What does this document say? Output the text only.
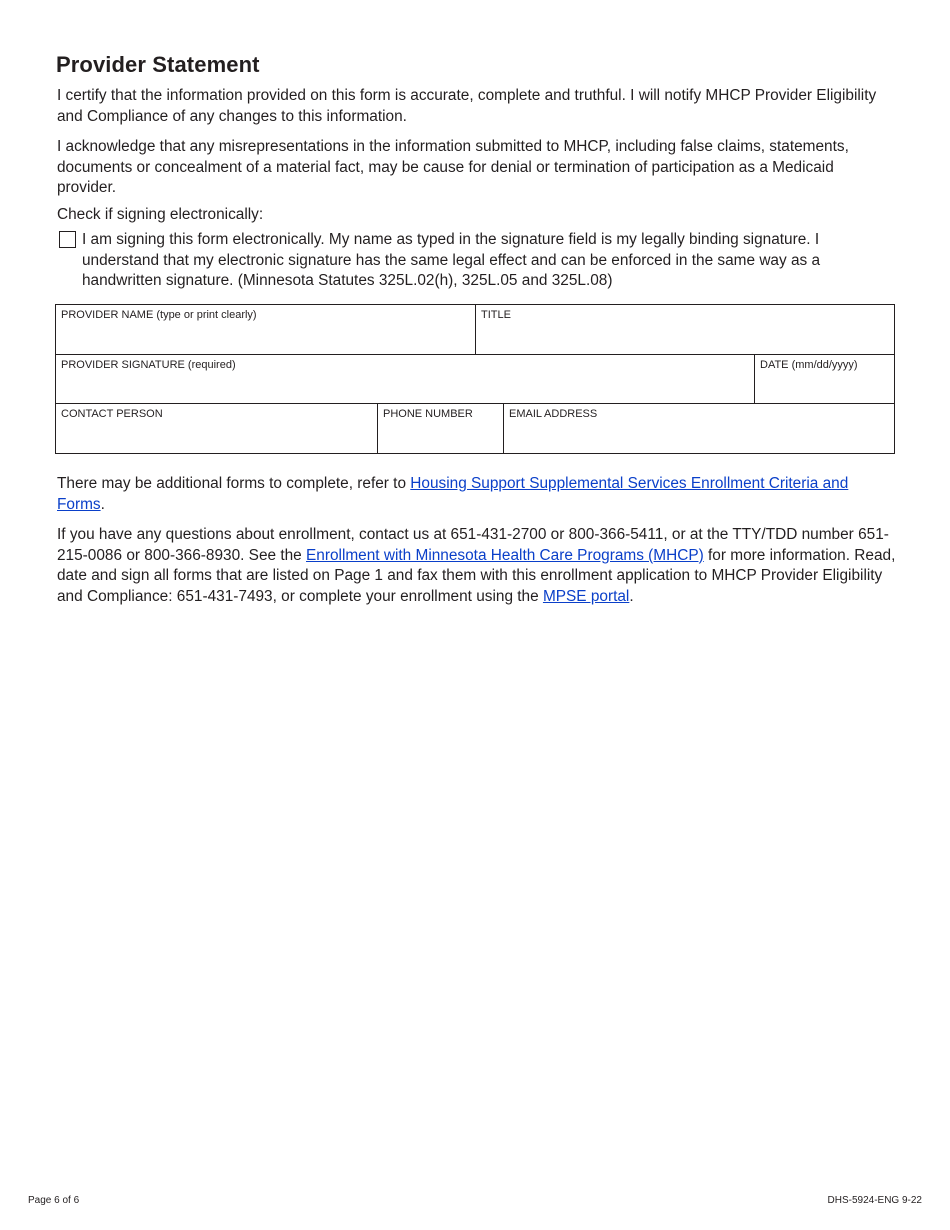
Provider Statement

I certify that the information provided on this form is accurate, complete and truthful. I will notify MHCP Provider Eligibility and Compliance of any changes to this information.

I acknowledge that any misrepresentations in the information submitted to MHCP, including false claims, statements, documents or concealment of a material fact, may be cause for denial or termination of participation as a Medicaid provider.

Check if signing electronically:

I am signing this form electronically. My name as typed in the signature field is my legally binding signature. I understand that my electronic signature has the same legal effect and can be enforced in the same way as a handwritten signature. (Minnesota Statutes 325L.02(h), 325L.05 and 325L.08)

PROVIDER NAME (type or print clearly)	TITLE
PROVIDER SIGNATURE (required)	DATE (mm/dd/yyyy)
CONTACT PERSON	PHONE NUMBER	EMAIL ADDRESS

There may be additional forms to complete, refer to Housing Support Supplemental Services Enrollment Criteria and Forms.

If you have any questions about enrollment, contact us at 651-431-2700 or 800-366-5411, or at the TTY/TDD number 651-215-0086 or 800-366-8930. See the Enrollment with Minnesota Health Care Programs (MHCP) for more information. Read, date and sign all forms that are listed on Page 1 and fax them with this enrollment application to MHCP Provider Eligibility and Compliance: 651-431-7493, or complete your enrollment using the MPSE portal.

Page 6 of 6	DHS-5924-ENG 9-22
